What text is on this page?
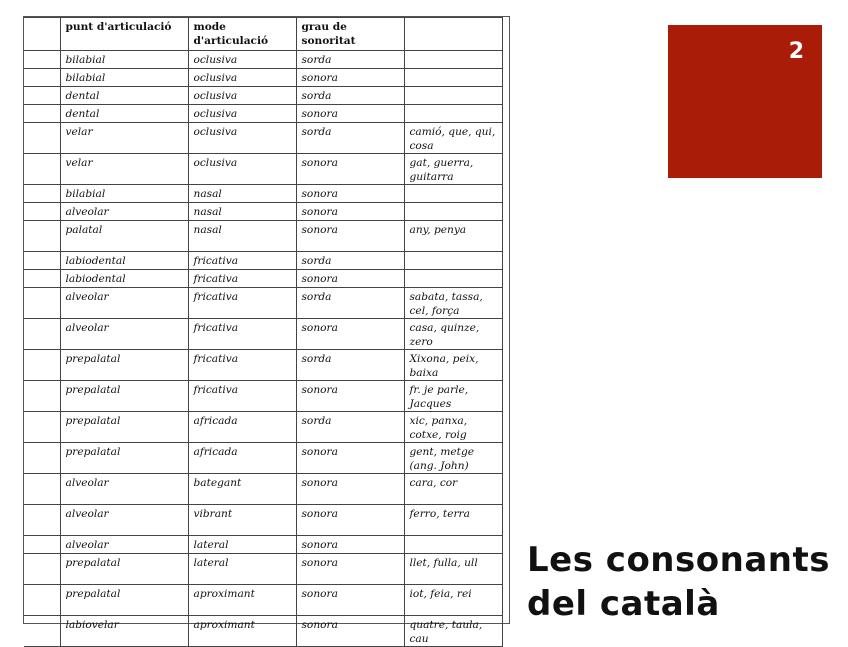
	punt d'articulació	mode d'articulació	grau de sonoritat	
	bilabial	oclusiva	sorda	
	bilabial	oclusiva	sonora	
	dental	oclusiva	sorda	
	dental	oclusiva	sonora	
	velar	oclusiva	sorda	camió, que, qui, cosa
	velar	oclusiva	sonora	gat, guerra, guitarra
	bilabial	nasal	sonora	
	alveolar	nasal	sonora	
	palatal	nasal	sonora	any, penya
	labiodental	fricativa	sorda	
	labiodental	fricativa	sonora	
	alveolar	fricativa	sorda	sabata, tassa, cel, força
	alveolar	fricativa	sonora	casa, quinze, zero
	prepalatal	fricativa	sorda	Xixona, peix, baixa
	prepalatal	fricativa	sonora	fr. je parle, Jacques
	prepalatal	africada	sorda	xic, panxa, cotxe, roig
	prepalatal	africada	sonora	gent, metge (ang. John)
	alveolar	bategant	sonora	cara, cor
	alveolar	vibrant	sonora	ferro, terra
	alveolar	lateral	sonora	
	prepalatal	lateral	sonora	llet, fulla, ull
	prepalatal	aproximant	sonora	iot, feia, rei
	labiovelar	aproximant	sonora	quatre, taula, cau
2
Les consonants
del català
